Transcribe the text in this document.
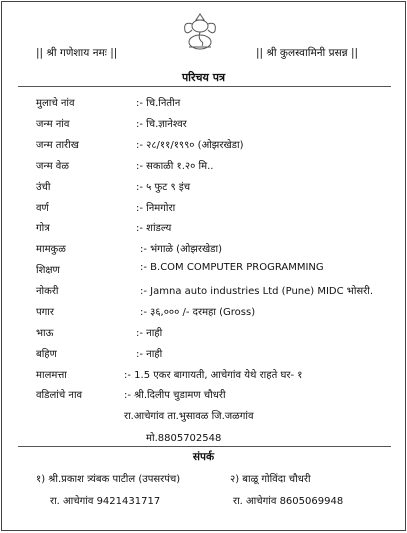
|| श्री गणेशाय नमः ||	|| श्री कुलस्वामिनी प्रसन्न ||
परिचय पत्र
मुलाचे नांव	:- चि.नितीन
जन्म नांव	:- चि.ज्ञानेश्वर
जन्म तारीख	:- २८/११/१९९० (ओझरखेडा)
जन्म वेळ	:- सकाळी १.२० मि..
उंची	:- ५ फुट ९ इंच
वर्ण	:- निमगोरा
गोत्र	:- शांडल्य
मामकुळ	:- भंगाळे (ओझरखेडा)
शिक्षण	:- B.COM COMPUTER PROGRAMMING
नोकरी	:- Jamna auto industries Ltd (Pune) MIDC भोसरी.
पगार	:- ३६,००० /- दरमहा (Gross)
भाऊ	:- नाही
बहिण	:- नाही
मालमत्ता	:- 1.5 एकर बागायती, आचेगांव येथे राहते घर- १
वडिलांचे नाव	:- श्री.दिलीप चुडामण चौधरी
रा.आचेगांव ता.भुसावळ जि.जळगांव
मो.8805702548
संपर्क
१) श्री.प्रकाश त्र्यंबक पाटील (उपसरपंच)
रा. आचेगांव 9421431717
२) बाळू गोविंदा चौधरी
रा. आचेगांव 8605069948
